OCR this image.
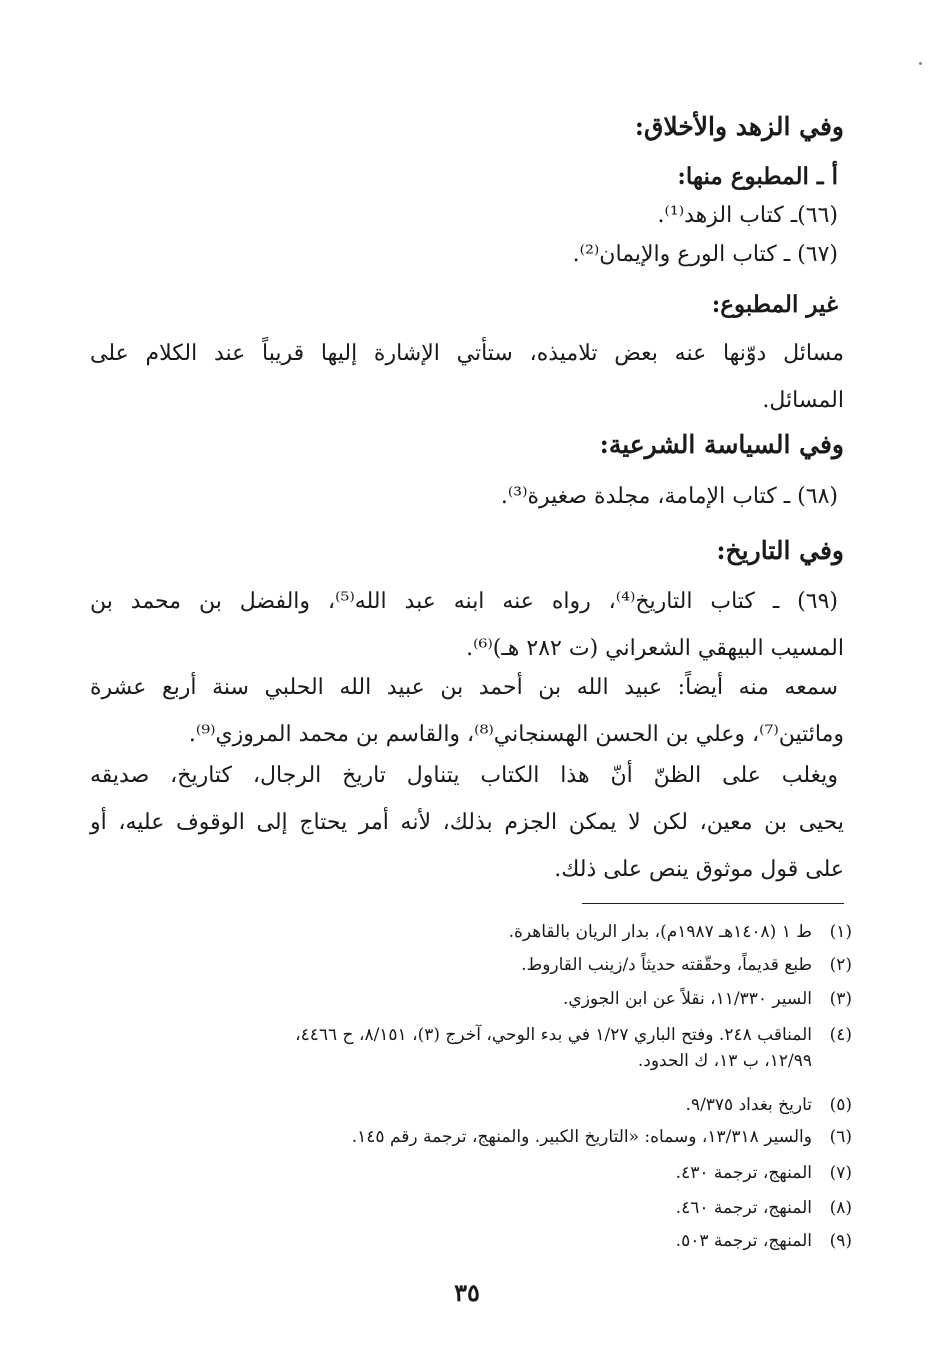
وفي الزهد والأخلاق:
أ ـ المطبوع منها:
(٦٦)ـ كتاب الزهد⁽¹⁾.
(٦٧) ـ كتاب الورع والإيمان⁽²⁾.
غير المطبوع:
مسائل دوّنها عنه بعض تلاميذه، ستأتي الإشارة إليها قريباً عند الكلام على
المسائل.
وفي السياسة الشرعية:
(٦٨) ـ كتاب الإمامة، مجلدة صغيرة⁽³⁾.
وفي التاريخ:
(٦٩) ـ كتاب التاريخ⁽⁴⁾، رواه عنه ابنه عبد الله⁽⁵⁾، والفضل بن محمد بن
المسيب البيهقي الشعراني (ت ٢٨٢ هـ)⁽⁶⁾.
سمعه منه أيضاً: عبيد الله بن أحمد بن عبيد الله الحلبي سنة أربع عشرة
ومائتين⁽⁷⁾، وعلي بن الحسن الهسنجاني⁽⁸⁾، والقاسم بن محمد المروزي⁽⁹⁾.
ويغلب على الظنّ أنّ هذا الكتاب يتناول تاريخ الرجال، كتاريخ، صديقه
يحيى بن معين، لكن لا يمكن الجزم بذلك، لأنه أمر يحتاج إلى الوقوف عليه، أو
على قول موثوق ينص على ذلك.
(١)ط ١ (١٤٠٨هـ ١٩٨٧م)، بدار الريان بالقاهرة.
(٢)طبع قديماً، وحقّقته حديثاً د/زينب القاروط.
(٣)السير ١١/٣٣٠، نقلاً عن ابن الجوزي.
(٤)المناقب ٢٤٨. وفتح الباري ١/٢٧ في بدء الوحي، آخرج (٣)، ٨/١٥١، ح ٤٤٦٦،
١٢/٩٩، ب ١٣، ك الحدود.
(٥)تاريخ بغداد ٩/٣٧٥.
(٦)والسير ١٣/٣١٨، وسماه: «التاريخ الكبير. والمنهج، ترجمة رقم ١٤٥.
(٧)المنهج، ترجمة ٤٣٠.
(٨)المنهج، ترجمة ٤٦٠.
(٩)المنهج، ترجمة ٥٠٣.
٣٥
